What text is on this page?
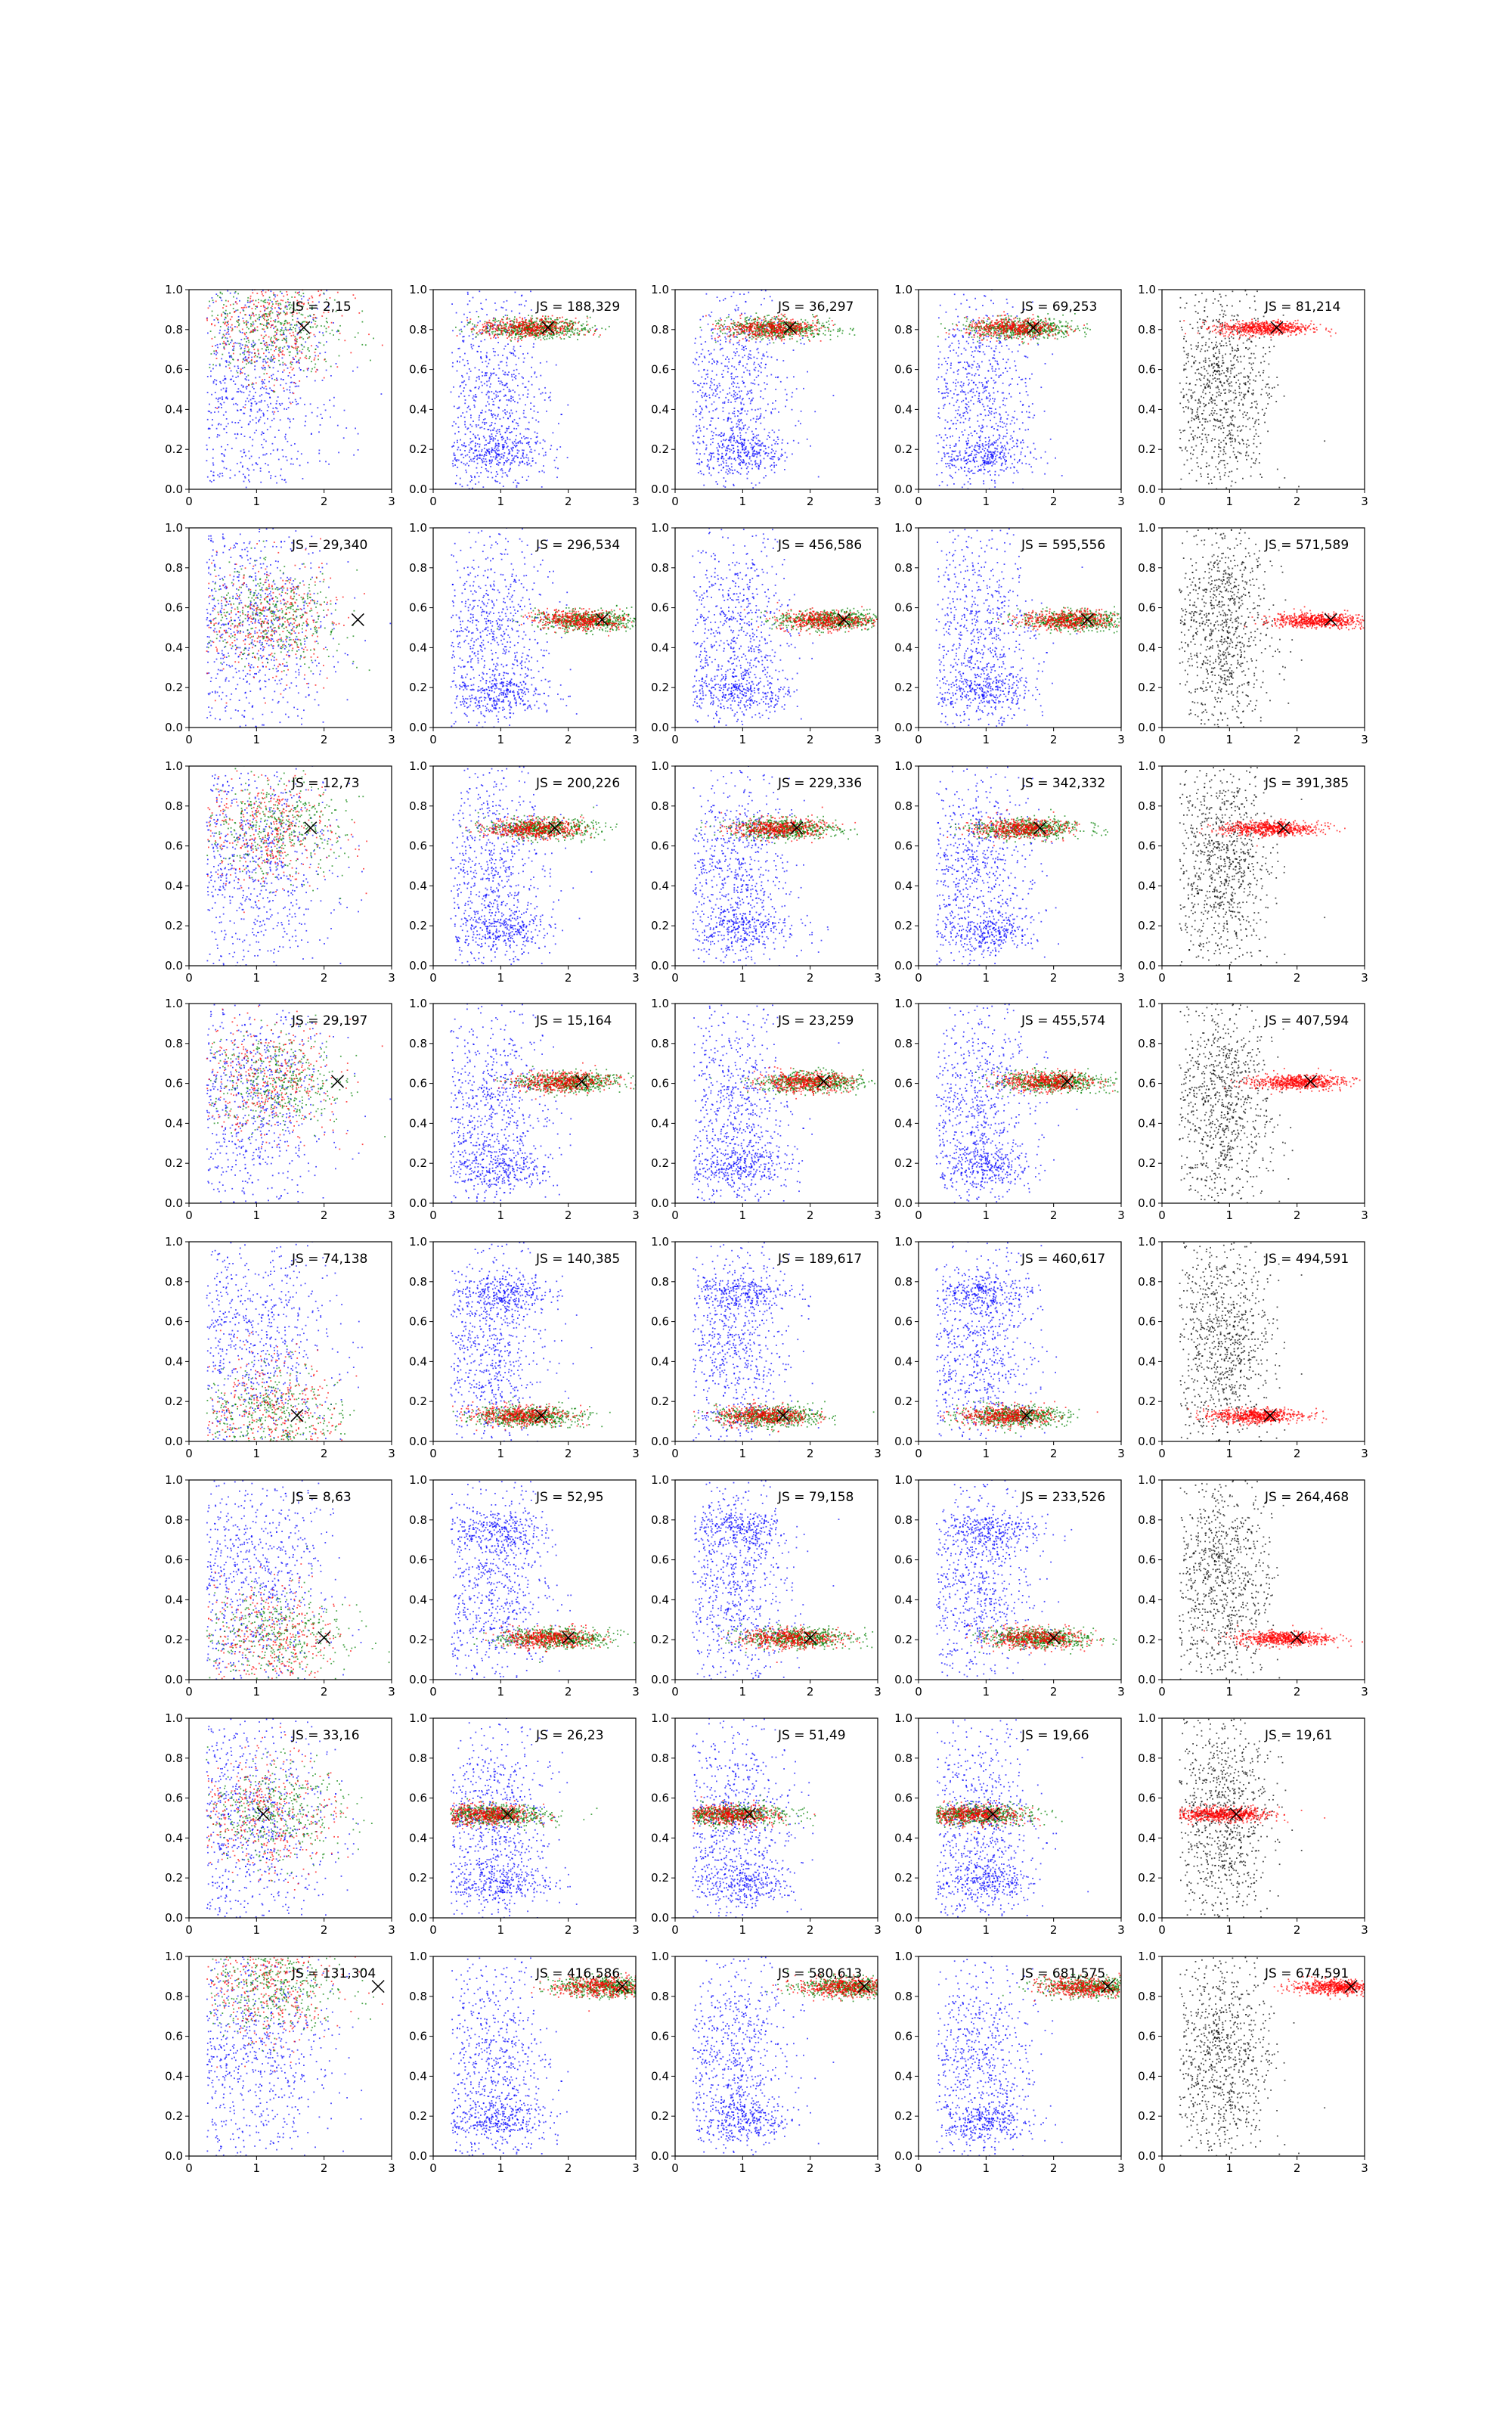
0	1	2	3
0.0
0.2
0.4
0.6
0.8
1.0
JS = 2,15
0	1	2	3
0.0
0.2
0.4
0.6
0.8
1.0
JS = 188,329
0	1	2	3
0.0
0.2
0.4
0.6
0.8
1.0
JS = 36,297
0	1	2	3
0.0
0.2
0.4
0.6
0.8
1.0
JS = 69,253
0	1	2	3
0.0
0.2
0.4
0.6
0.8
1.0
JS = 81,214
0	1	2	3
0.0
0.2
0.4
0.6
0.8
1.0
JS = 29,340
0	1	2	3
0.0
0.2
0.4
0.6
0.8
1.0
JS = 296,534
0	1	2	3
0.0
0.2
0.4
0.6
0.8
1.0
JS = 456,586
0	1	2	3
0.0
0.2
0.4
0.6
0.8
1.0
JS = 595,556
0	1	2	3
0.0
0.2
0.4
0.6
0.8
1.0
JS = 571,589
0	1	2	3
0.0
0.2
0.4
0.6
0.8
1.0
JS = 12,73
0	1	2	3
0.0
0.2
0.4
0.6
0.8
1.0
JS = 200,226
0	1	2	3
0.0
0.2
0.4
0.6
0.8
1.0
JS = 229,336
0	1	2	3
0.0
0.2
0.4
0.6
0.8
1.0
JS = 342,332
0	1	2	3
0.0
0.2
0.4
0.6
0.8
1.0
JS = 391,385
0	1	2	3
0.0
0.2
0.4
0.6
0.8
1.0
JS = 29,197
0	1	2	3
0.0
0.2
0.4
0.6
0.8
1.0
JS = 15,164
0	1	2	3
0.0
0.2
0.4
0.6
0.8
1.0
JS = 23,259
0	1	2	3
0.0
0.2
0.4
0.6
0.8
1.0
JS = 455,574
0	1	2	3
0.0
0.2
0.4
0.6
0.8
1.0
JS = 407,594
0	1	2	3
0.0
0.2
0.4
0.6
0.8
1.0
JS = 74,138
0	1	2	3
0.0
0.2
0.4
0.6
0.8
1.0
JS = 140,385
0	1	2	3
0.0
0.2
0.4
0.6
0.8
1.0
JS = 189,617
0	1	2	3
0.0
0.2
0.4
0.6
0.8
1.0
JS = 460,617
0	1	2	3
0.0
0.2
0.4
0.6
0.8
1.0
JS = 494,591
0	1	2	3
0.0
0.2
0.4
0.6
0.8
1.0
JS = 8,63
0	1	2	3
0.0
0.2
0.4
0.6
0.8
1.0
JS = 52,95
0	1	2	3
0.0
0.2
0.4
0.6
0.8
1.0
JS = 79,158
0	1	2	3
0.0
0.2
0.4
0.6
0.8
1.0
JS = 233,526
0	1	2	3
0.0
0.2
0.4
0.6
0.8
1.0
JS = 264,468
0	1	2	3
0.0
0.2
0.4
0.6
0.8
1.0
JS = 33,16
0	1	2	3
0.0
0.2
0.4
0.6
0.8
1.0
JS = 26,23
0	1	2	3
0.0
0.2
0.4
0.6
0.8
1.0
JS = 51,49
0	1	2	3
0.0
0.2
0.4
0.6
0.8
1.0
JS = 19,66
0	1	2	3
0.0
0.2
0.4
0.6
0.8
1.0
JS = 19,61
0	1	2	3
0.0
0.2
0.4
0.6
0.8
1.0
JS = 131,304
0	1	2	3
0.0
0.2
0.4
0.6
0.8
1.0
JS = 416,586
0	1	2	3
0.0
0.2
0.4
0.6
0.8
1.0
JS = 580,613
0	1	2	3
0.0
0.2
0.4
0.6
0.8
1.0
JS = 681,575
0	1	2	3
0.0
0.2
0.4
0.6
0.8
1.0
JS = 674,591
